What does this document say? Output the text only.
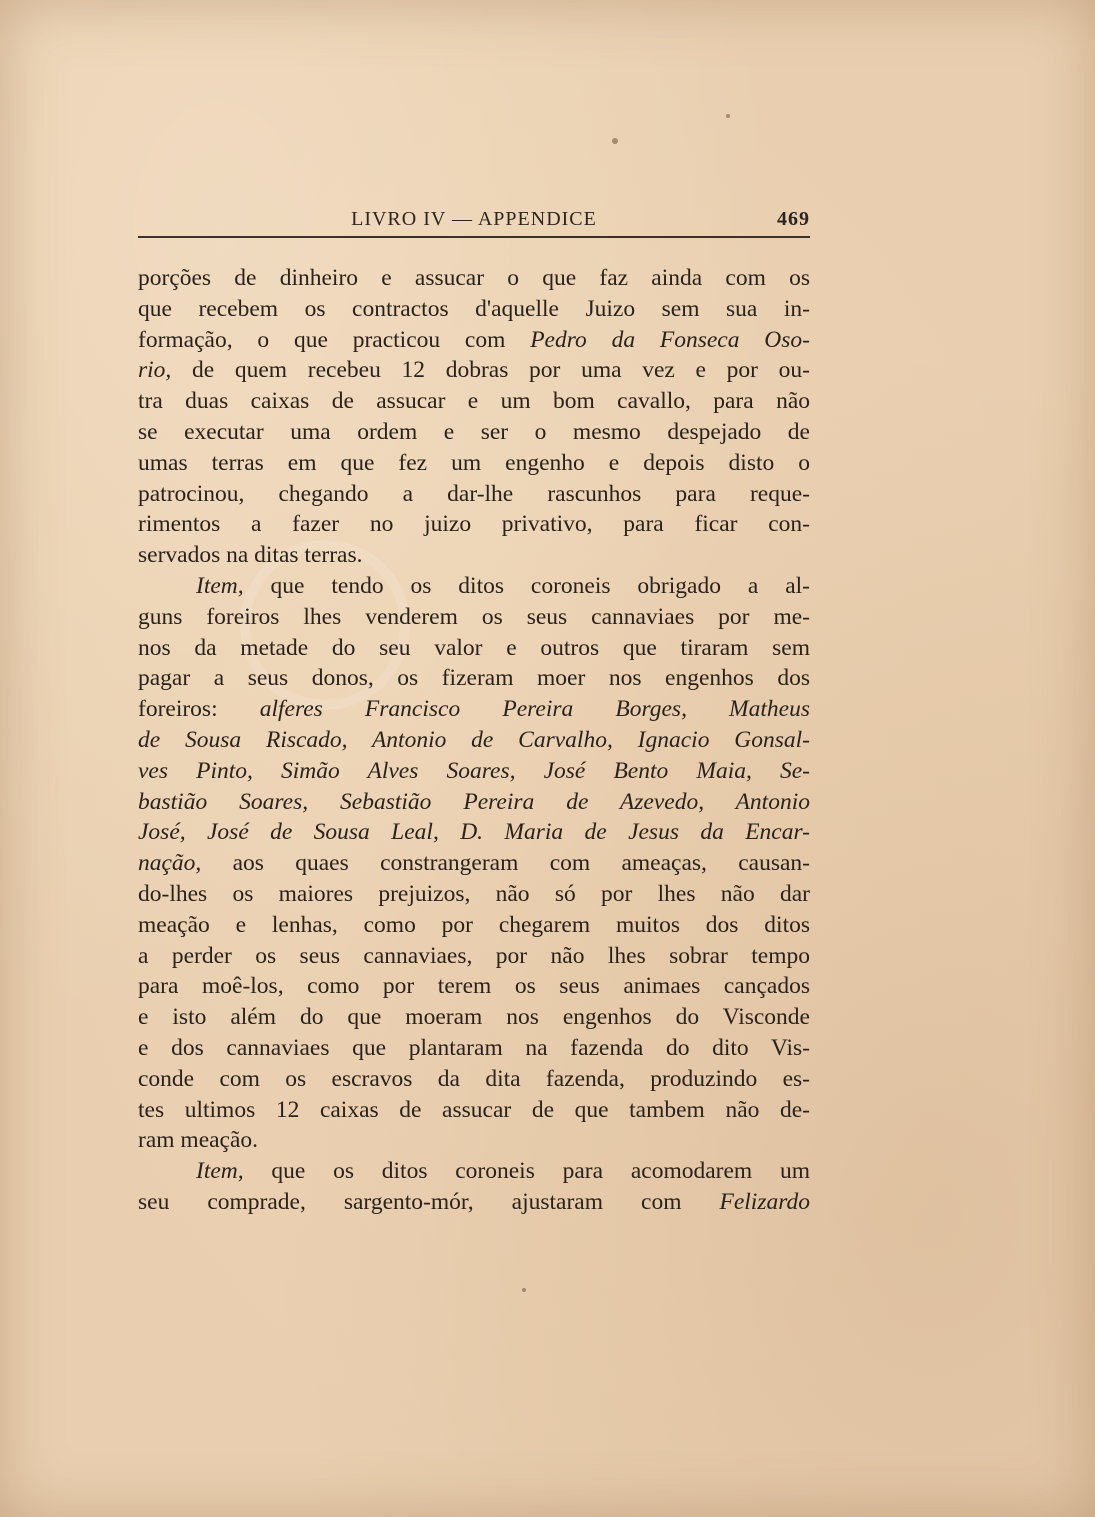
LIVRO IV — APPENDICE	469
porções de dinheiro e assucar o que faz ainda com os
que recebem os contractos d'aquelle Juizo sem sua in-
formação, o que practicou com Pedro da Fonseca Oso-
rio, de quem recebeu 12 dobras por uma vez e por ou-
tra duas caixas de assucar e um bom cavallo, para não
se executar uma ordem e ser o mesmo despejado de
umas terras em que fez um engenho e depois disto o
patrocinou, chegando a dar-lhe rascunhos para reque-
rimentos a fazer no juizo privativo, para ficar con-
servados na ditas terras.
Item, que tendo os ditos coroneis obrigado a al-
guns foreiros lhes venderem os seus cannaviaes por me-
nos da metade do seu valor e outros que tiraram sem
pagar a seus donos, os fizeram moer nos engenhos dos
foreiros: alferes Francisco Pereira Borges, Matheus
de Sousa Riscado, Antonio de Carvalho, Ignacio Gonsal-
ves Pinto, Simão Alves Soares, José Bento Maia, Se-
bastião Soares, Sebastião Pereira de Azevedo, Antonio
José, José de Sousa Leal, D. Maria de Jesus da Encar-
nação, aos quaes constrangeram com ameaças, causan-
do-lhes os maiores prejuizos, não só por lhes não dar
meação e lenhas, como por chegarem muitos dos ditos
a perder os seus cannaviaes, por não lhes sobrar tempo
para moê-los, como por terem os seus animaes cançados
e isto além do que moeram nos engenhos do Visconde
e dos cannaviaes que plantaram na fazenda do dito Vis-
conde com os escravos da dita fazenda, produzindo es-
tes ultimos 12 caixas de assucar de que tambem não de-
ram meação.
Item, que os ditos coroneis para acomodarem um
seu comprade, sargento-mór, ajustaram com Felizardo
